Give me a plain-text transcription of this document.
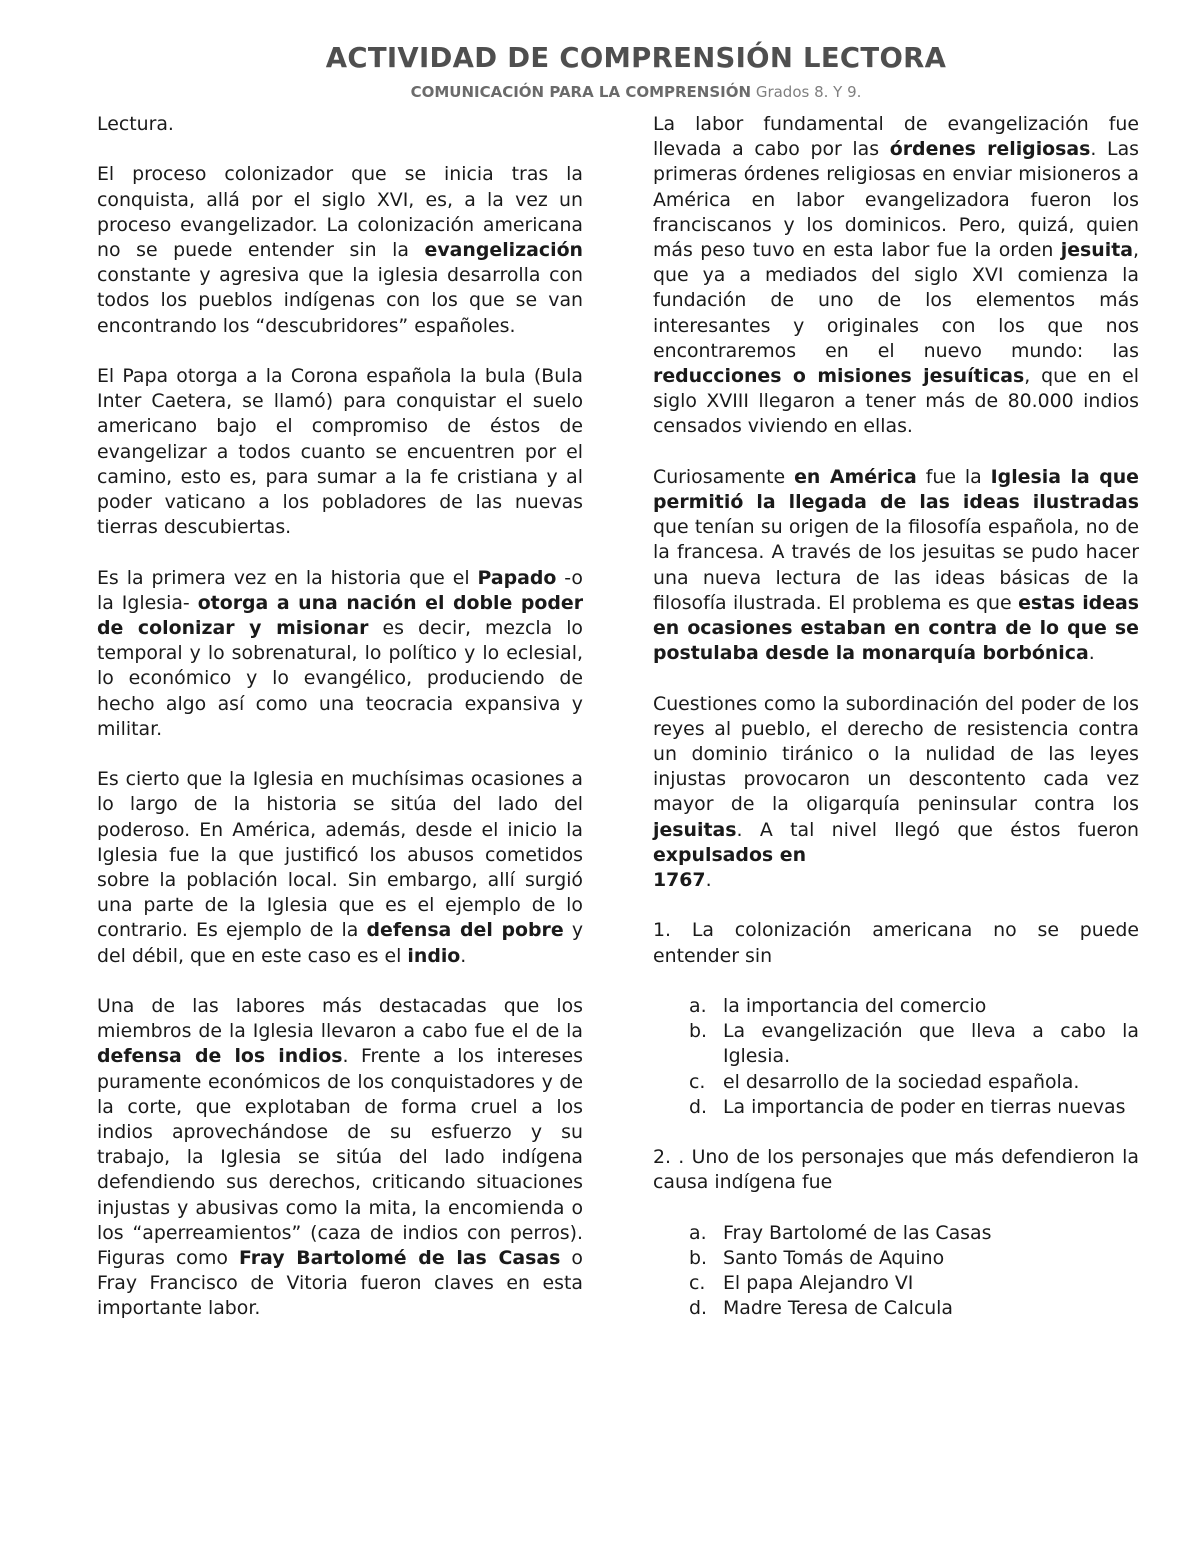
ACTIVIDAD DE COMPRENSIÓN LECTORA
COMUNICACIÓN PARA LA COMPRENSIÓN Grados 8. Y 9.

Lectura.

El proceso colonizador que se inicia tras la conquista, allá por el siglo XVI, es, a la vez un proceso evangelizador. La colonización americana no se puede entender sin la evangelización constante y agresiva que la iglesia desarrolla con todos los pueblos indígenas con los que se van encontrando los “descubridores” españoles.

El Papa otorga a la Corona española la bula (Bula Inter Caetera, se llamó) para conquistar el suelo americano bajo el compromiso de éstos de evangelizar a todos cuanto se encuentren por el camino, esto es, para sumar a la fe cristiana y al poder vaticano a los pobladores de las nuevas tierras descubiertas.

Es la primera vez en la historia que el Papado -o la Iglesia- otorga a una nación el doble poder de colonizar y misionar es decir, mezcla lo temporal y lo sobrenatural, lo político y lo eclesial, lo económico y lo evangélico, produciendo de hecho algo así como una teocracia expansiva y militar.

Es cierto que la Iglesia en muchísimas ocasiones a lo largo de la historia se sitúa del lado del poderoso. En América, además, desde el inicio la Iglesia fue la que justificó los abusos cometidos sobre la población local. Sin embargo, allí surgió una parte de la Iglesia que es el ejemplo de lo contrario. Es ejemplo de la defensa del pobre y del débil, que en este caso es el indio.

Una de las labores más destacadas que los miembros de la Iglesia llevaron a cabo fue el de la defensa de los indios. Frente a los intereses puramente económicos de los conquistadores y de la corte, que explotaban de forma cruel a los indios aprovechándose de su esfuerzo y su trabajo, la Iglesia se sitúa del lado indígena defendiendo sus derechos, criticando situaciones injustas y abusivas como la mita, la encomienda o los “aperreamientos” (caza de indios con perros). Figuras como Fray Bartolomé de las Casas o Fray Francisco de Vitoria fueron claves en esta importante labor.

La labor fundamental de evangelización fue llevada a cabo por las órdenes religiosas. Las primeras órdenes religiosas en enviar misioneros a América en labor evangelizadora fueron los franciscanos y los dominicos. Pero, quizá, quien más peso tuvo en esta labor fue la orden jesuita, que ya a mediados del siglo XVI comienza la fundación de uno de los elementos más interesantes y originales con los que nos encontraremos en el nuevo mundo: las reducciones o misiones jesuíticas, que en el siglo XVIII llegaron a tener más de 80.000 indios censados viviendo en ellas.

Curiosamente en América fue la Iglesia la que permitió la llegada de las ideas ilustradas que tenían su origen de la filosofía española, no de la francesa. A través de los jesuitas se pudo hacer una nueva lectura de las ideas básicas de la filosofía ilustrada. El problema es que estas ideas en ocasiones estaban en contra de lo que se postulaba desde la monarquía borbónica.

Cuestiones como la subordinación del poder de los reyes al pueblo, el derecho de resistencia contra un dominio tiránico o la nulidad de las leyes injustas provocaron un descontento cada vez mayor de la oligarquía peninsular contra los jesuitas. A tal nivel llegó que éstos fueron expulsados en
1767.

1. La colonización americana no se puede entender sin
a. la importancia del comercio
b. La evangelización que lleva a cabo la Iglesia.
c. el desarrollo de la sociedad española.
d. La importancia de poder en tierras nuevas
2. . Uno de los personajes que más defendieron la causa indígena fue
a. Fray Bartolomé de las Casas
b. Santo Tomás de Aquino
c. El papa Alejandro VI
d. Madre Teresa de Calcula
